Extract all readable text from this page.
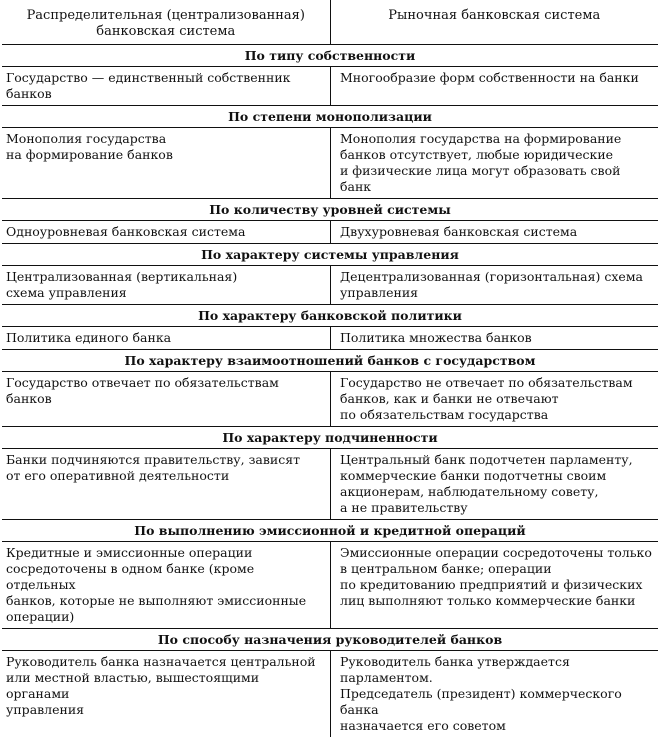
Распределительная (централизованная) банковская система
Рыночная банковская система
По типу собственности
Государство — единственный собственник
банков
Многообразие форм собственности на банки
По степени монополизации
Монополия государства
на формирование банков
Монополия государства на формирование
банков отсутствует, любые юридические
и физические лица могут образовать свой банк
По количеству уровней системы
Одноуровневая банковская система	Двухуровневая банковская система
По характеру системы управления
Централизованная (вертикальная)
схема управления
Децентрализованная (горизонтальная) схема
управления
По характеру банковской политики
Политика единого банка	Политика множества банков
По характеру взаимоотношений банков с государством
Государство отвечает по обязательствам банков
Государство не отвечает по обязательствам
банков, как и банки не отвечают
по обязательствам государства
По характеру подчиненности
Банки подчиняются правительству, зависят
от его оперативной деятельности
Центральный банк подотчетен парламенту,
коммерческие банки подотчетны своим
акционерам, наблюдательному совету,
а не правительству
По выполнению эмиссионной и кредитной операций
Кредитные и эмиссионные операции
сосредоточены в одном банке (кроме отдельных
банков, которые не выполняют эмиссионные
операции)
Эмиссионные операции сосредоточены только
в центральном банке; операции
по кредитованию предприятий и физических
лиц выполняют только коммерческие банки
По способу назначения руководителей банков
Руководитель банка назначается центральной
или местной властью, вышестоящими органами
управления
Руководитель банка утверждается парламентом.
Председатель (президент) коммерческого банка
назначается его советом
